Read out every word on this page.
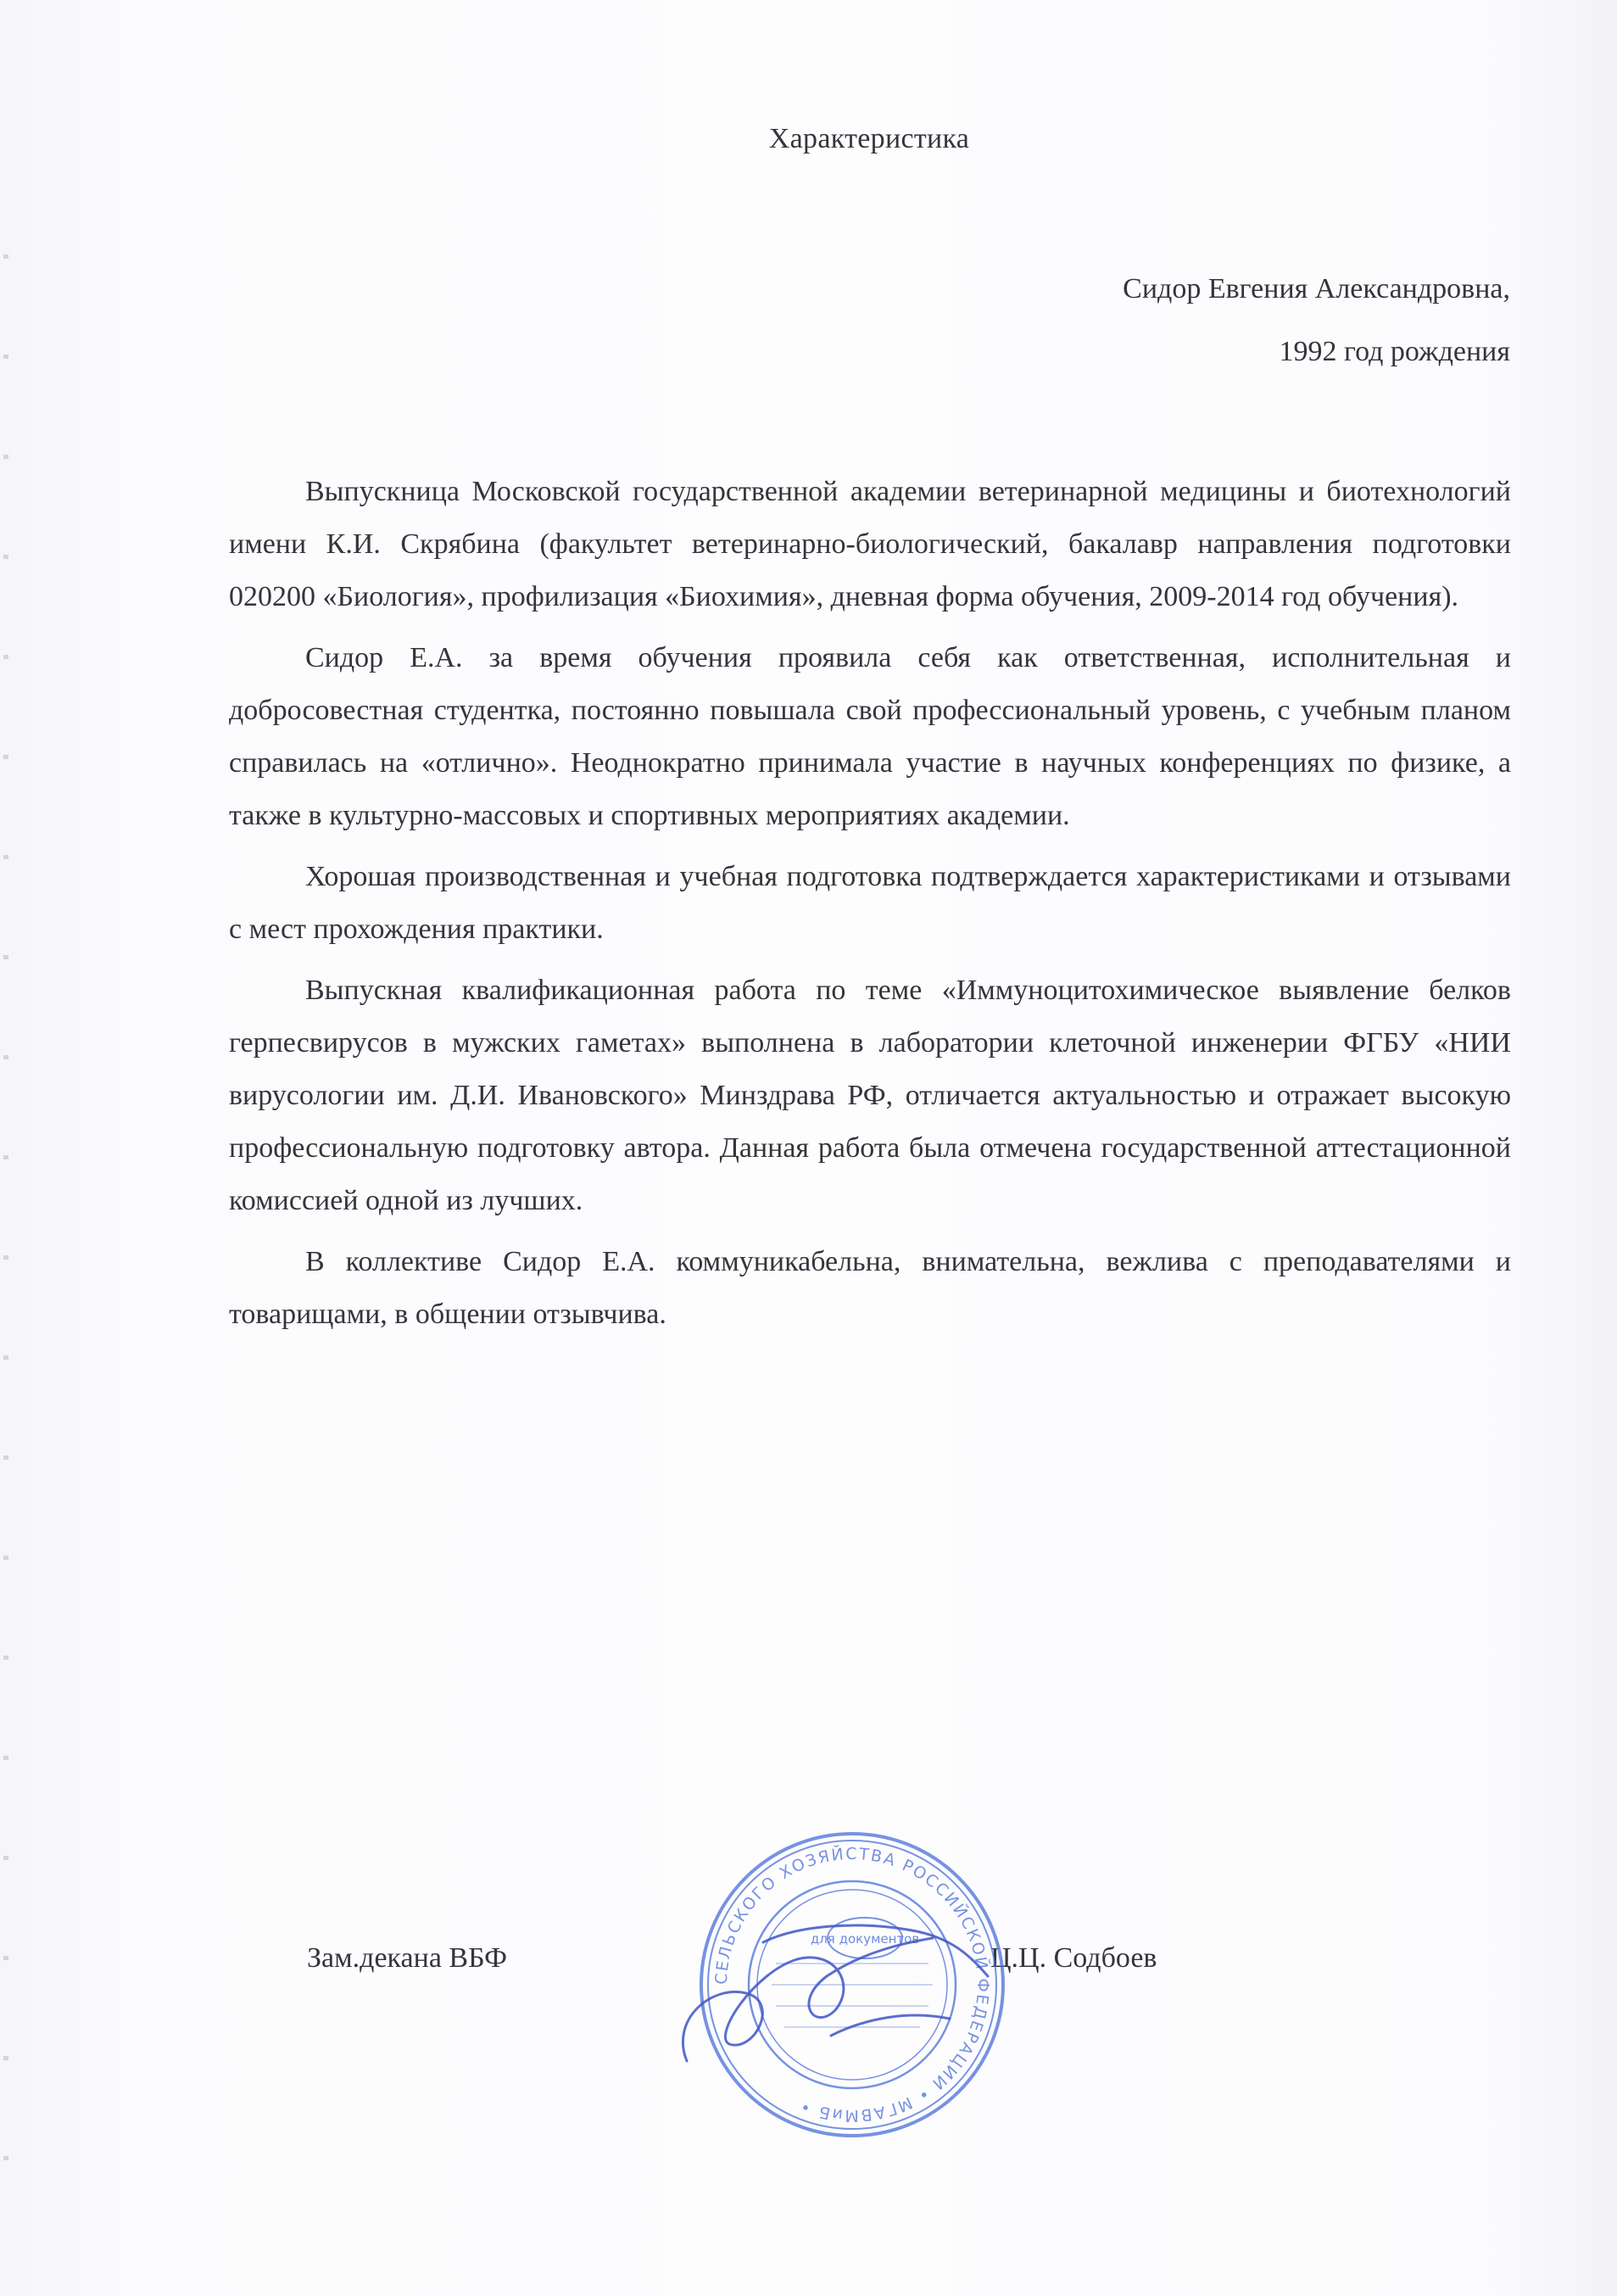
Характеристика
Сидор Евгения Александровна,
1992 год рождения

Выпускница Московской государственной академии ветеринарной медицины и биотехнологий имени К.И. Скрябина (факультет ветеринарно-биологический, бакалавр направления подготовки 020200 «Биология», профилизация «Биохимия», дневная форма обучения, 2009-2014 год обучения).

Сидор Е.А. за время обучения проявила себя как ответственная, исполнительная и добросовестная студентка, постоянно повышала свой профессиональный уровень, с учебным планом справилась на «отлично». Неоднократно принимала участие в научных конференциях по физике, а также в культурно-массовых и спортивных мероприятиях академии.

Хорошая производственная и учебная подготовка подтверждается характеристиками и отзывами с мест прохождения практики.

Выпускная квалификационная работа по теме «Иммуноцитохимическое выявление белков герпесвирусов в мужских гаметах» выполнена в лаборатории клеточной инженерии ФГБУ «НИИ вирусологии им. Д.И. Ивановского» Минздрава РФ, отличается актуальностью и отражает высокую профессиональную подготовку автора. Данная работа была отмечена государственной аттестационной комиссией одной из лучших.

В коллективе Сидор Е.А. коммуникабельна, внимательна, вежлива с преподавателями и товарищами, в общении отзывчива.

Зам.декана ВБФ	Ц.Ц. Содбоев
СЕЛЬСКОГО ХОЗЯЙСТВА РОССИЙСКОЙ ФЕДЕРАЦИИ • МГАВМиБ •
для документов
